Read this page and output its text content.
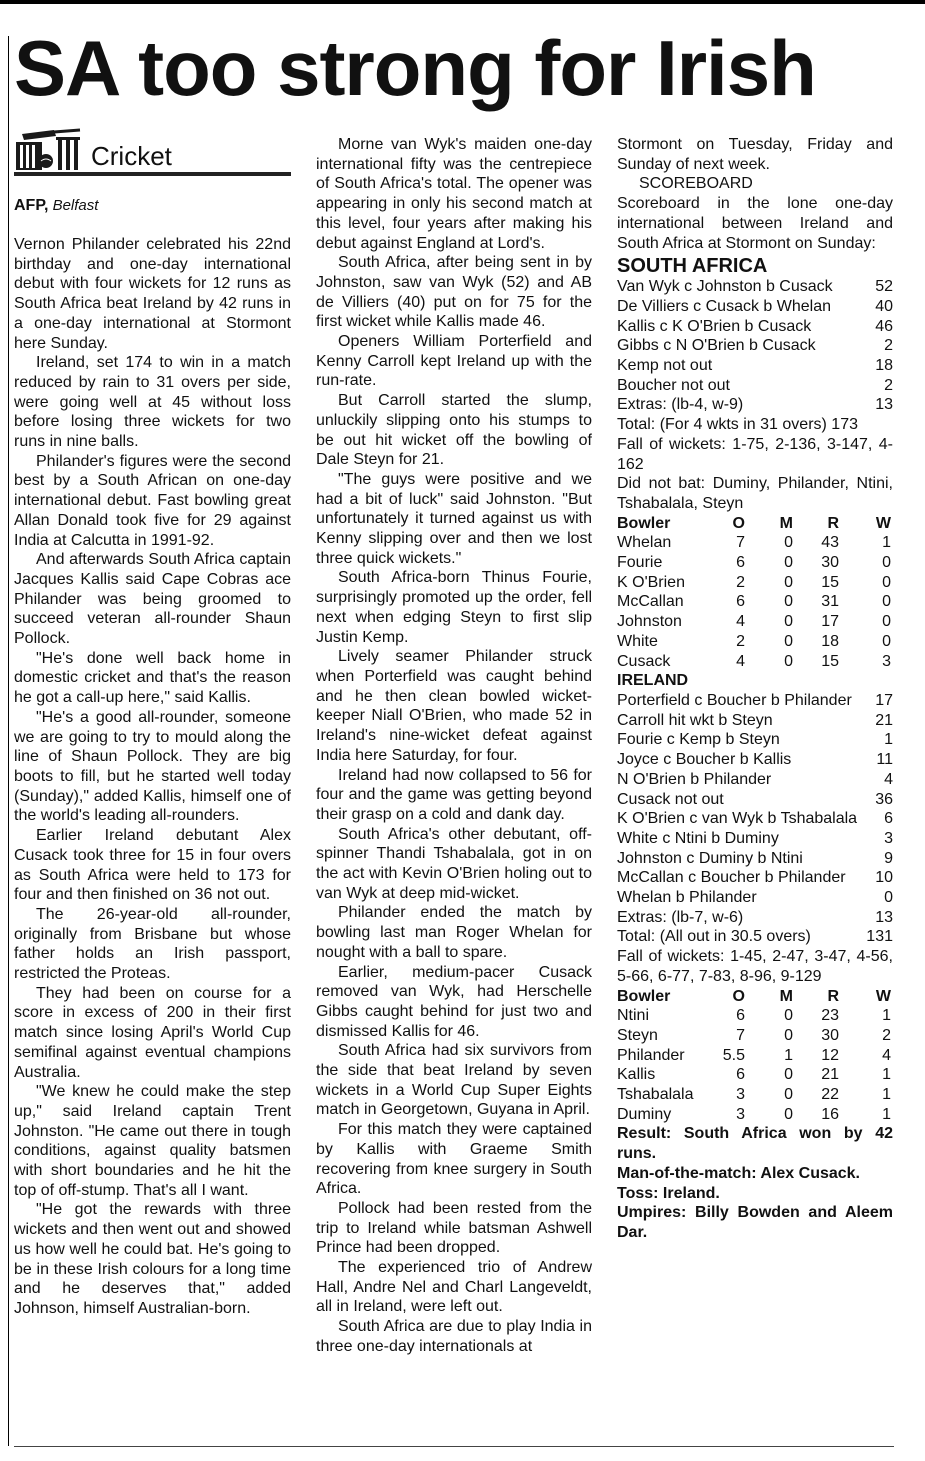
SA too strong for Irish
Cricket
AFP, Belfast

Vernon Philander celebrated his 22nd birthday and one-day international debut with four wickets for 12 runs as South Africa beat Ireland by 42 runs in a one-day international at Stormont here Sunday.

Ireland, set 174 to win in a match reduced by rain to 31 overs per side, were going well at 45 without loss before losing three wickets for two runs in nine balls.

Philander's figures were the second best by a South African on one-day international debut. Fast bowling great Allan Donald took five for 29 against India at Calcutta in 1991-92.

And afterwards South Africa captain Jacques Kallis said Cape Cobras ace Philander was being groomed to succeed veteran all-rounder Shaun Pollock.

"He's done well back home in domestic cricket and that's the reason he got a call-up here," said Kallis.

"He's a good all-rounder, someone we are going to try to mould along the line of Shaun Pollock. They are big boots to fill, but he started well today (Sunday)," added Kallis, himself one of the world's leading all-rounders.

Earlier Ireland debutant Alex Cusack took three for 15 in four overs as South Africa were held to 173 for four and then finished on 36 not out.

The 26-year-old all-rounder, originally from Brisbane but whose father holds an Irish passport, restricted the Proteas.

They had been on course for a score in excess of 200 in their first match since losing April's World Cup semifinal against eventual champions Australia.

"We knew he could make the step up," said Ireland captain Trent Johnston. "He came out there in tough conditions, against quality batsmen with short boundaries and he hit the top of off-stump. That's all I want.

"He got the rewards with three wickets and then went out and showed us how well he could bat. He's going to be in these Irish colours for a long time and he deserves that," added Johnson, himself Australian-born.

Morne van Wyk's maiden one-day international fifty was the centrepiece of South Africa's total. The opener was appearing in only his second match at this level, four years after making his debut against England at Lord's.

South Africa, after being sent in by Johnston, saw van Wyk (52) and AB de Villiers (40) put on for 75 for the first wicket while Kallis made 46.

Openers William Porterfield and Kenny Carroll kept Ireland up with the run-rate.

But Carroll started the slump, unluckily slipping onto his stumps to be out hit wicket off the bowling of Dale Steyn for 21.

"The guys were positive and we had a bit of luck" said Johnston. "But unfortunately it turned against us with Kenny slipping over and then we lost three quick wickets."

South Africa-born Thinus Fourie, surprisingly promoted up the order, fell next when edging Steyn to first slip Justin Kemp.

Lively seamer Philander struck when Porterfield was caught behind and he then clean bowled wicket-keeper Niall O'Brien, who made 52 in Ireland's nine-wicket defeat against India here Saturday, for four.

Ireland had now collapsed to 56 for four and the game was getting beyond their grasp on a cold and dank day.

South Africa's other debutant, off-spinner Thandi Tshabalala, got in on the act with Kevin O'Brien holing out to van Wyk at deep mid-wicket.

Philander ended the match by bowling last man Roger Whelan for nought with a ball to spare.

Earlier, medium-pacer Cusack removed van Wyk, had Herschelle Gibbs caught behind for just two and dismissed Kallis for 46.

South Africa had six survivors from the side that beat Ireland by seven wickets in a World Cup Super Eights match in Georgetown, Guyana in April.

For this match they were captained by Kallis with Graeme Smith recovering from knee surgery in South Africa.

Pollock had been rested from the trip to Ireland while batsman Ashwell Prince had been dropped.

The experienced trio of Andrew Hall, Andre Nel and Charl Langeveldt, all in Ireland, were left out.

South Africa are due to play India in three one-day internationals at

Stormont on Tuesday, Friday and Sunday of next week.

SCOREBOARD

Scoreboard in the lone one-day international between Ireland and South Africa at Stormont on Sunday:

SOUTH AFRICA
Van Wyk c Johnston b Cusack	52
De Villiers c Cusack b Whelan	40
Kallis c K O'Brien b Cusack	46
Gibbs c N O'Brien b Cusack	2
Kemp not out	18
Boucher not out	2
Extras: (lb-4, w-9)	13
Total: (For 4 wkts in 31 overs) 173
Fall of wickets: 1-75, 2-136, 3-147, 4-162
Did not bat: Duminy, Philander, Ntini, Tshabalala, Steyn
Bowler	O	M	R	W
Whelan	7	0	43	1
Fourie	6	0	30	0
K O'Brien	2	0	15	0
McCallan	6	0	31	0
Johnston	4	0	17	0
White	2	0	18	0
Cusack	4	0	15	3
IRELAND
Porterfield c Boucher b Philander 17
Carroll hit wkt b Steyn	21
Fourie c Kemp b Steyn	1
Joyce c Boucher b Kallis	11
N O'Brien b Philander	4
Cusack not out	36
K O'Brien c van Wyk b Tshabalala 6
White c Ntini b Duminy	3
Johnston c Duminy b Ntini	9
McCallan c Boucher b Philander 10
Whelan b Philander	0
Extras: (lb-7, w-6)	13
Total: (All out in 30.5 overs)	131
Fall of wickets: 1-45, 2-47, 3-47, 4-56, 5-66, 6-77, 7-83, 8-96, 9-129
Bowler	O	M	R	W
Ntini	6	0	23	1
Steyn	7	0	30	2
Philander	5.5	1	12	4
Kallis	6	0	21	1
Tshabalala	3	0	22	1
Duminy	3	0	16	1
Result: South Africa won by 42 runs.
Man-of-the-match: Alex Cusack.
Toss: Ireland.
Umpires: Billy Bowden and Aleem Dar.
